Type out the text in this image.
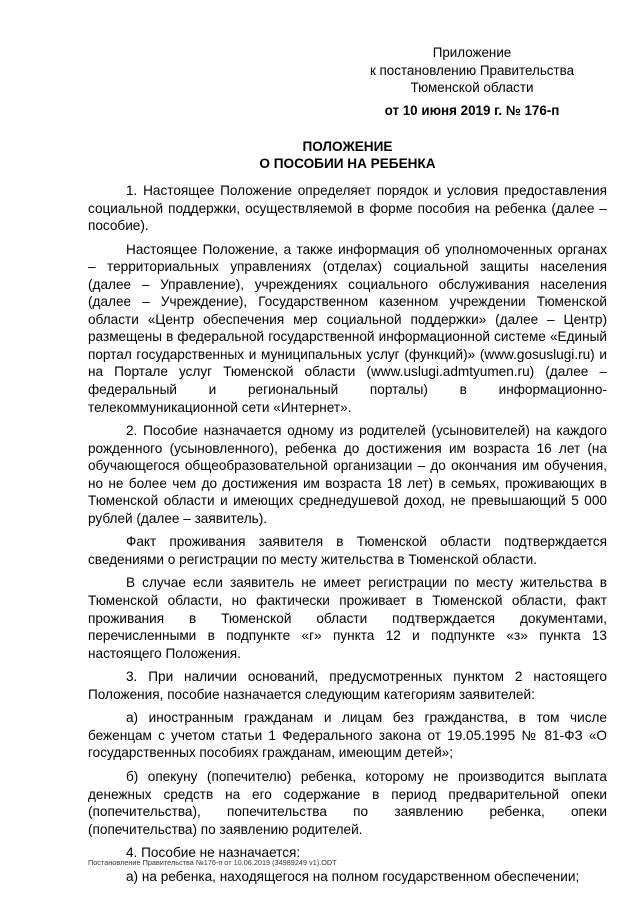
Приложение
к постановлению Правительства
Тюменской области
от 10 июня 2019 г. № 176-п
ПОЛОЖЕНИЕ
О ПОСОБИИ НА РЕБЕНКА

1. Настоящее Положение определяет порядок и условия предоставления социальной поддержки, осуществляемой в форме пособия на ребенка (далее – пособие).

Настоящее Положение, а также информация об уполномоченных органах – территориальных управлениях (отделах) социальной защиты населения (далее – Управление), учреждениях социального обслуживания населения (далее – Учреждение), Государственном казенном учреждении Тюменской области «Центр обеспечения мер социальной поддержки» (далее – Центр) размещены в федеральной государственной информационной системе «Единый портал государственных и муниципальных услуг (функций)» (www.gosuslugi.ru) и на Портале услуг Тюменской области (www.uslugi.admtyumen.ru) (далее – федеральный и региональный порталы) в информационно-телекоммуникационной сети «Интернет».

2. Пособие назначается одному из родителей (усыновителей) на каждого рожденного (усыновленного), ребенка до достижения им возраста 16 лет (на обучающегося общеобразовательной организации – до окончания им обучения, но не более чем до достижения им возраста 18 лет) в семьях, проживающих в Тюменской области и имеющих среднедушевой доход, не превышающий 5 000 рублей (далее – заявитель).

Факт проживания заявителя в Тюменской области подтверждается сведениями о регистрации по месту жительства в Тюменской области.

В случае если заявитель не имеет регистрации по месту жительства в Тюменской области, но фактически проживает в Тюменской области, факт проживания в Тюменской области подтверждается документами, перечисленными в подпункте «г» пункта 12 и подпункте «з» пункта 13 настоящего Положения.

3. При наличии оснований, предусмотренных пунктом 2 настоящего Положения, пособие назначается следующим категориям заявителей:

а) иностранным гражданам и лицам без гражданства, в том числе беженцам с учетом статьи 1 Федерального закона от 19.05.1995 № 81-ФЗ «О государственных пособиях гражданам, имеющим детей»;

б) опекуну (попечителю) ребенка, которому не производится выплата денежных средств на его содержание в период предварительной опеки (попечительства), попечительства по заявлению ребенка, опеки (попечительства) по заявлению родителей.

4. Пособие не назначается:

а) на ребенка, находящегося на полном государственном обеспечении;

Постановление Правительства №176-п от 10.06.2019 (34989249 v1).ODT
